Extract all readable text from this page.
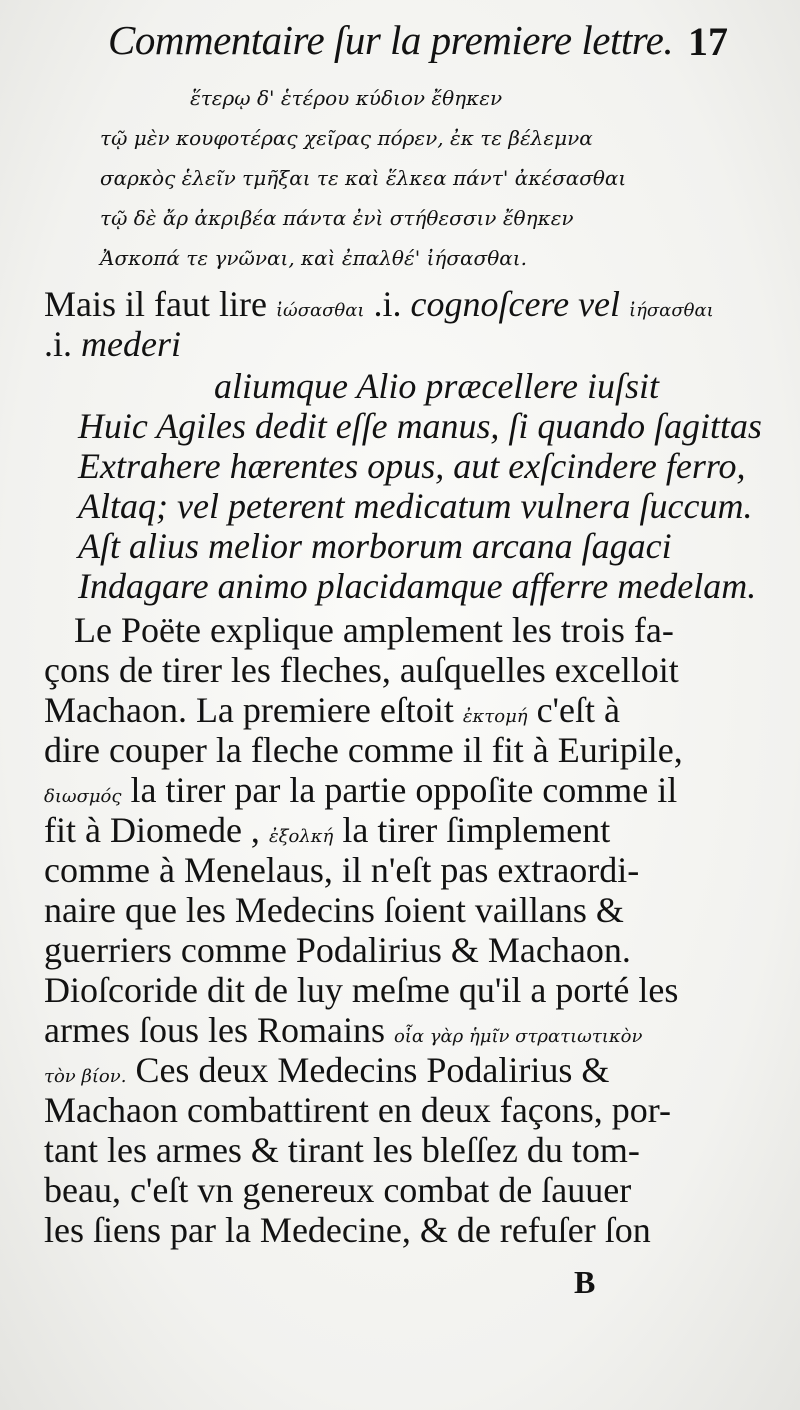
Commentaire ſur la premiere lettre. 17
ἕτερῳ δ' ἑτέρου κύδιον ἔθηκεν
τῷ μὲν κουφοτέρας χεῖρας πόρεν, ἐκ τε βέλεμνα
σαρκὸς ἑλεῖν τμῆξαι τε καὶ ἕλκεα πάντ' ἀκέσασθαι
τῷ δὲ ἄρ ἀκριβέα πάντα ἐνὶ στήθεσσιν ἔθηκεν
Ἀσκοπά τε γνῶναι, καὶ ἐπαλθέ' ἰήσασθαι.
Mais il faut lire ἰώσασθαι .i. cognoſcere vel ἰήσασθαι
.i. mederi
aliumque Alio præcellere iuſsit
Huic Agiles dedit eſſe manus, ſi quando ſagittas
Extrahere hærentes opus, aut exſcindere ferro,
Altaq; vel peterent medicatum vulnera ſuccum.
Aſt alius melior morborum arcana ſagaci
Indagare animo placidamque afferre medelam.
Le Poëte explique amplement les trois fa-
çons de tirer les fleches, auſquelles excelloit
Machaon. La premiere eſtoit ἐκτομή c'eſt à
dire couper la fleche comme il fit à Euripile,
διωσμός la tirer par la partie oppoſite comme il
fit à Diomede , ἐξολκή la tirer ſimplement
comme à Menelaus, il n'eſt pas extraordi-
naire que les Medecins ſoient vaillans &
guerriers comme Podalirius & Machaon.
Dioſcoride dit de luy meſme qu'il a porté les
armes ſous les Romains οἷα γὰρ ἡμῖν στρατιωτικὸν
τὸν βίον. Ces deux Medecins Podalirius &
Machaon combattirent en deux façons, por-
tant les armes & tirant les bleſſez du tom-
beau, c'eſt vn genereux combat de ſauuer
les ſiens par la Medecine, & de refuſer ſon
B
